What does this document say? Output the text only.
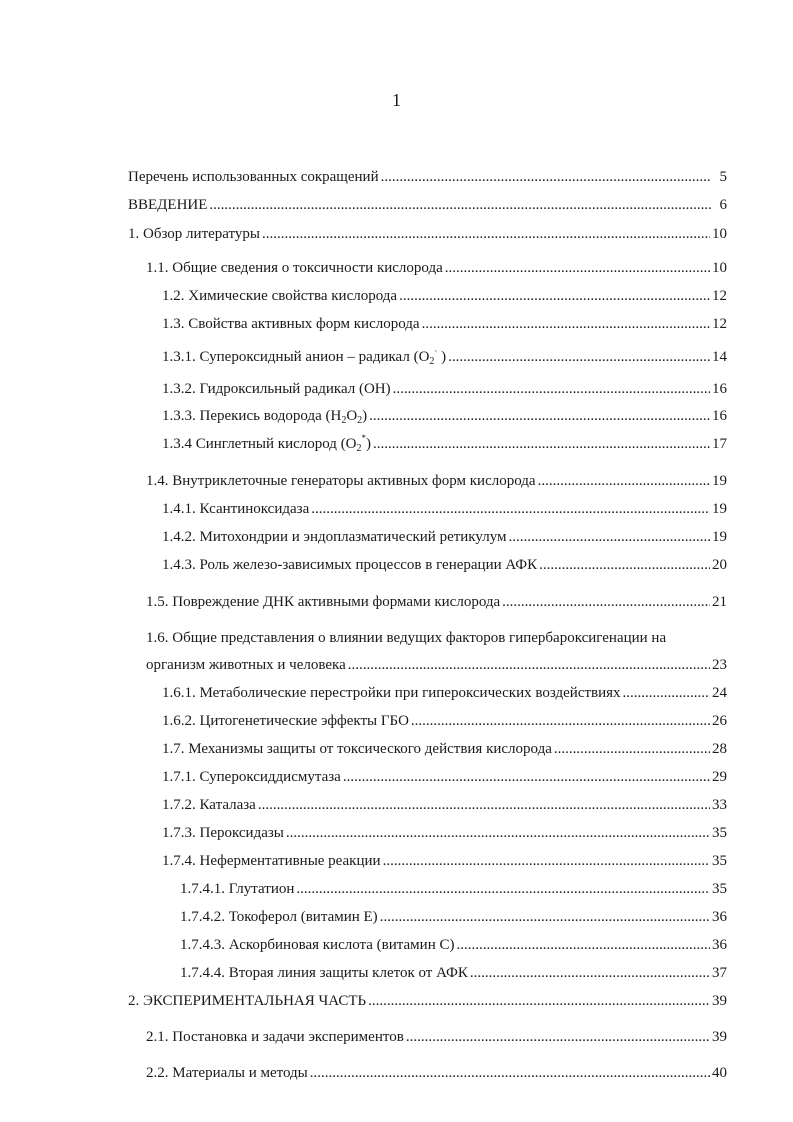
1
Перечень использованных сокращений .....	5
ВВЕДЕНИЕ .....	6
1. Обзор литературы .....	10
1.1. Общие сведения о токсичности кислорода .....	10
1.2. Химические свойства кислорода .....	12
1.3. Свойства активных форм кислорода .....	12
1.3.1. Супероксидный анион – радикал ($O_2^\cdot$ ) .....	14
1.3.2. Гидроксильный радикал (OH) .....	16
1.3.3. Перекись водорода $(H_2O_2)$ .....	16
1.3.4 Синглетный кислород $(O_2^*)$ .....	17
1.4. Внутриклеточные генераторы активных форм кислорода .....	19
1.4.1. Ксантиноксидаза .....	19
1.4.2. Митохондрии и эндоплазматический ретикулум .....	19
1.4.3. Роль железо-зависимых процессов в генерации АФК .....	20
1.5. Повреждение ДНК активными формами кислорода .....	21
1.6. Общие представления о влиянии ведущих факторов гипербароксигенации на
организм животных и человека .....	23
1.6.1. Метаболические перестройки при гипероксических воздействиях .....	24
1.6.2. Цитогенетические эффекты ГБО .....	26
1.7. Механизмы защиты от токсического действия кислорода .....	28
1.7.1. Супероксиддисмутаза .....	29
1.7.2. Каталаза .....	33
1.7.3. Пероксидазы .....	35
1.7.4. Неферментативные реакции .....	35
1.7.4.1. Глутатион .....	35
1.7.4.2. Токоферол (витамин Е) .....	36
1.7.4.3. Аскорбиновая кислота (витамин С) .....	36
1.7.4.4. Вторая линия защиты клеток от АФК .....	37
2. ЭКСПЕРИМЕНТАЛЬНАЯ ЧАСТЬ .....	39
2.1. Постановка и задачи экспериментов .....	39
2.2. Материалы и методы .....	40
